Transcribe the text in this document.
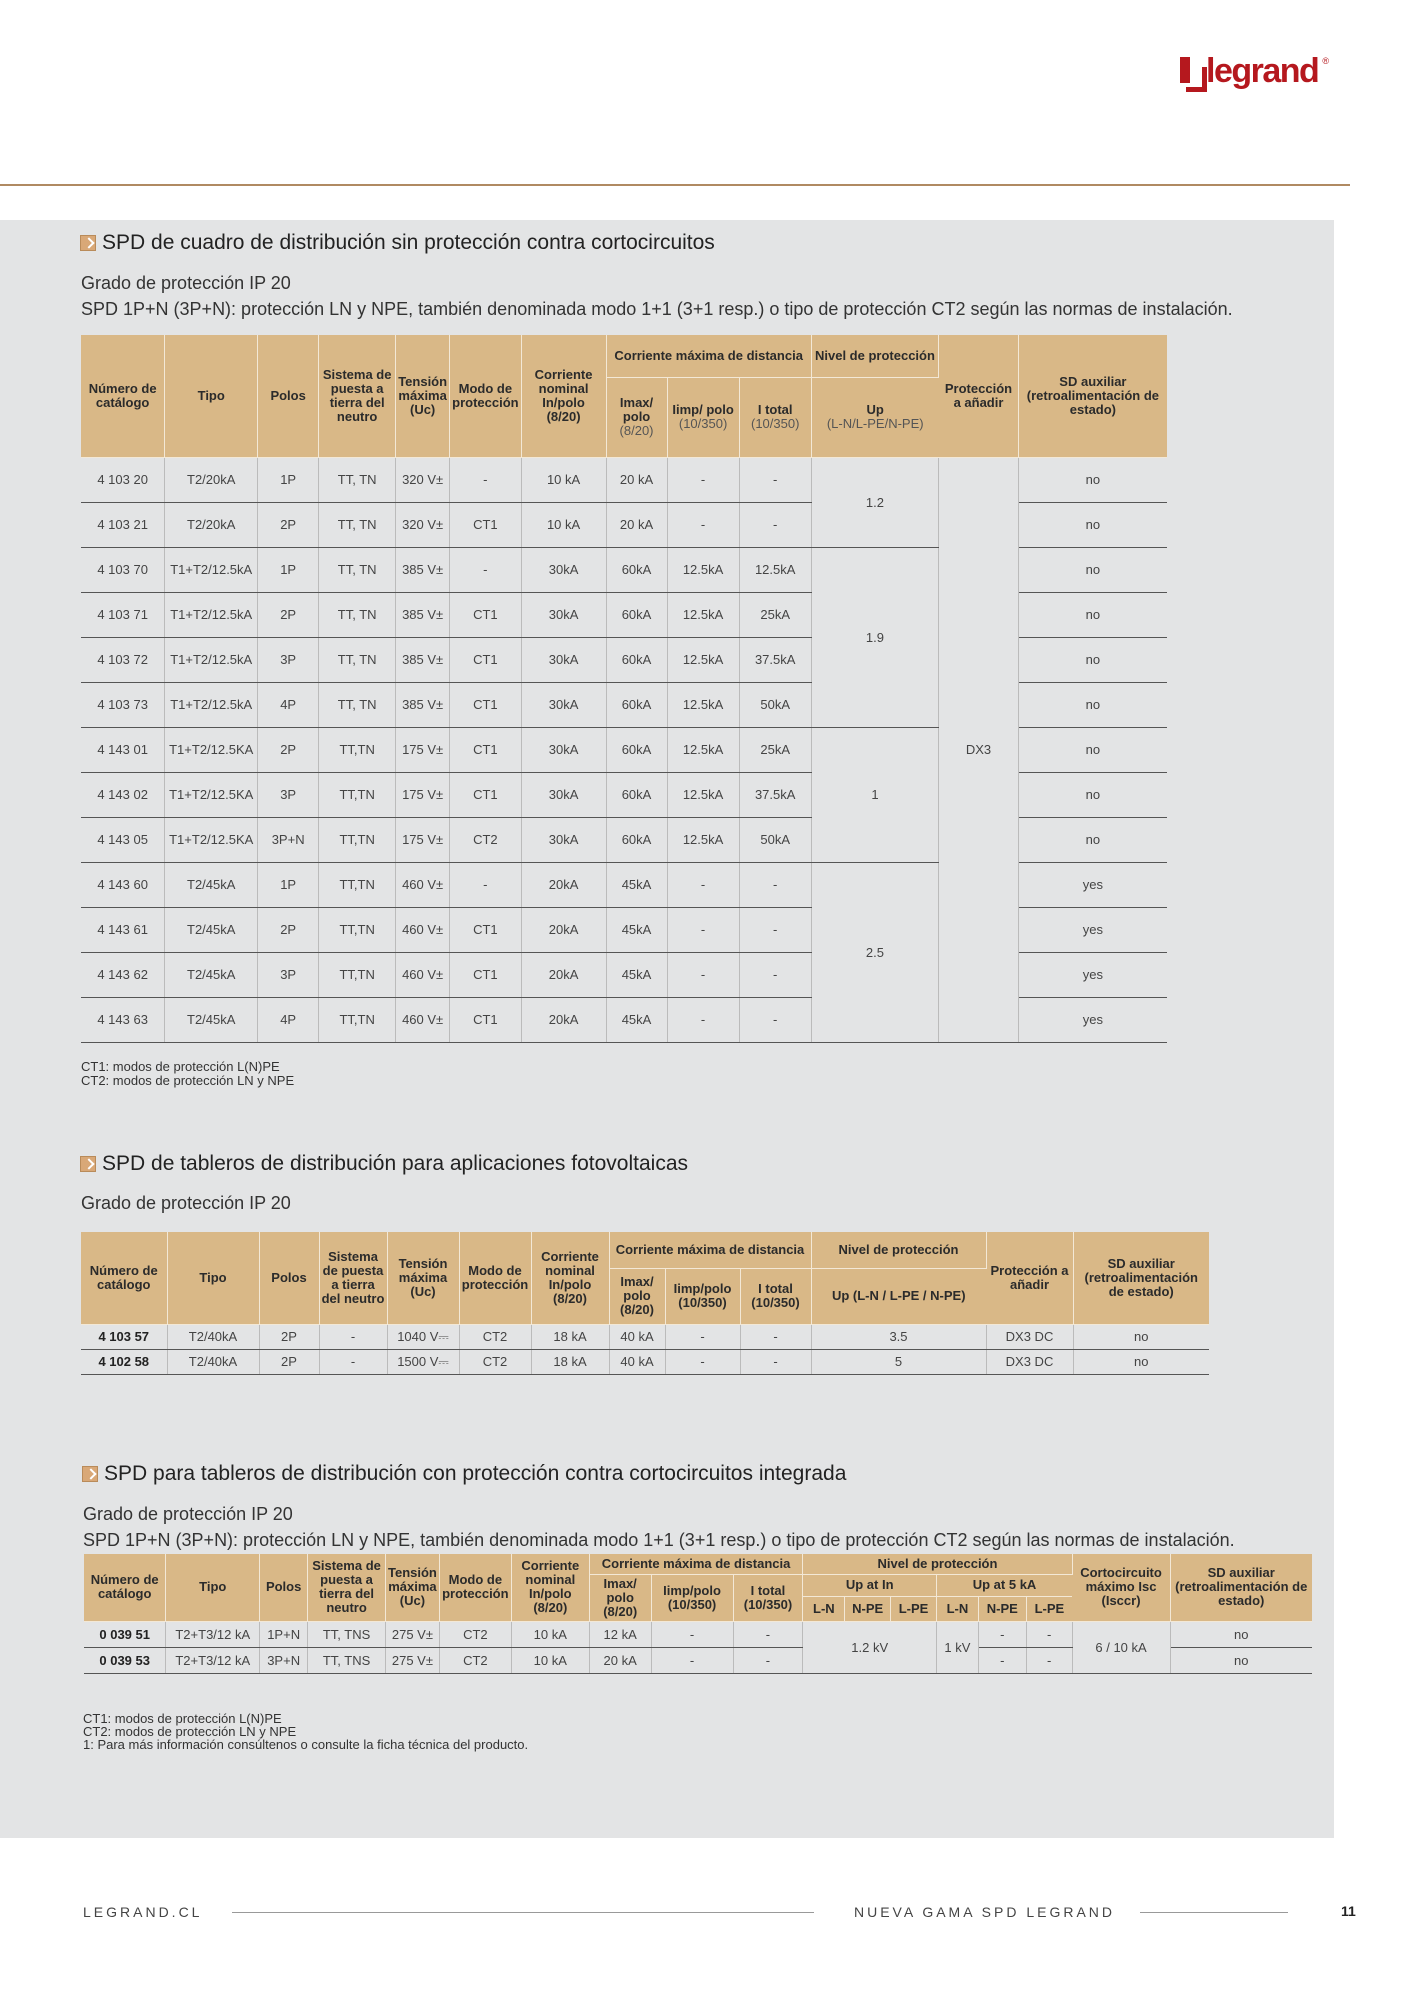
legrand ®
SPD de cuadro de distribución sin protección contra cortocircuitos
Grado de protección IP 20
SPD 1P+N (3P+N): protección LN y NPE, también denominada modo 1+1 (3+1 resp.) o tipo de protección CT2 según las normas de instalación.
Número de catálogo	Tipo	Polos	Sistema de puesta a tierra del neutro	Tensión máxima (Uc)	Modo de protección	Corriente nominal In/polo (8/20)	Corriente máxima de distancia			Nivel de protección	Protección a añadir	SD auxiliar (retroalimentación de estado)
							Imax/ polo
(8/20)	Iimp/ polo
(10/350)	I total
(10/350)	Up
(L-N/L-PE/N-PE)		

4 103 20	T2/20kA	1P	TT, TN	320 V±	-	10 kA	20 kA	-	-	1.2	DX3	no
4 103 21	T2/20kA	2P	TT, TN	320 V±	CT1	10 kA	20 kA	-	-			no
4 103 70	T1+T2/12.5kA	1P	TT, TN	385 V±	-	30kA	60kA	12.5kA	12.5kA	1.9		no
4 103 71	T1+T2/12.5kA	2P	TT, TN	385 V±	CT1	30kA	60kA	12.5kA	25kA			no
4 103 72	T1+T2/12.5kA	3P	TT, TN	385 V±	CT1	30kA	60kA	12.5kA	37.5kA			no
4 103 73	T1+T2/12.5kA	4P	TT, TN	385 V±	CT1	30kA	60kA	12.5kA	50kA			no
4 143 01	T1+T2/12.5KA	2P	TT,TN	175 V±	CT1	30kA	60kA	12.5kA	25kA	1		no
4 143 02	T1+T2/12.5KA	3P	TT,TN	175 V±	CT1	30kA	60kA	12.5kA	37.5kA			no
4 143 05	T1+T2/12.5KA	3P+N	TT,TN	175 V±	CT2	30kA	60kA	12.5kA	50kA			no
4 143 60	T2/45kA	1P	TT,TN	460 V±	-	20kA	45kA	-	-	2.5		yes
4 143 61	T2/45kA	2P	TT,TN	460 V±	CT1	20kA	45kA	-	-			yes
4 143 62	T2/45kA	3P	TT,TN	460 V±	CT1	20kA	45kA	-	-			yes
4 143 63	T2/45kA	4P	TT,TN	460 V±	CT1	20kA	45kA	-	-			yes
CT1: modos de protección L(N)PE
CT2: modos de protección LN y NPE
SPD de tableros de distribución para aplicaciones fotovoltaicas
Grado de protección IP 20
Número de catálogo	Tipo	Polos	Sistema de puesta a tierra del neutro	Tensión máxima (Uc)	Modo de protección	Corriente nominal In/polo (8/20)	Corriente máxima de distancia			Nivel de protección	Protección a añadir	SD auxiliar (retroalimentación de estado)
							Imax/ polo (8/20)	Iimp/polo (10/350)	I total (10/350)	Up (L-N / L-PE / N-PE)		
4 103 57	T2/40kA	2P	-	1040 V⎓	CT2	18 kA	40 kA	-	-	3.5	DX3 DC	no
4 102 58	T2/40kA	2P	-	1500 V⎓	CT2	18 kA	40 kA	-	-	5	DX3 DC	no
SPD para tableros de distribución con protección contra cortocircuitos integrada
Grado de protección IP 20
SPD 1P+N (3P+N): protección LN y NPE, también denominada modo 1+1 (3+1 resp.) o tipo de protección CT2 según las normas de instalación.
Número de catálogo	Tipo	Polos	Sistema de puesta a tierra del neutro	Tensión máxima (Uc)	Modo de protección	Corriente nominal In/polo (8/20)	Corriente máxima de distancia			Nivel de protección						Cortocircuito máximo Isc (Isccr)	SD auxiliar (retroalimentación de estado)
							Imax/ polo (8/20)	Iimp/polo (10/350)	I total (10/350)	Up at In			Up at 5 kA				
										L-N	N-PE	L-PE	L-N	N-PE	L-PE		
0 039 51	T2+T3/12 kA	1P+N	TT, TNS	275 V±	CT2	10 kA	12 kA	-	-	1.2 kV			1 kV	-	-	6 / 10 kA	no
0 039 53	T2+T3/12 kA	3P+N	TT, TNS	275 V±	CT2	10 kA	20 kA	-	-					-	-		no
CT1: modos de protección L(N)PE
CT2: modos de protección LN y NPE
1: Para más información consúltenos o consulte la ficha técnica del producto.
LEGRAND.CL	NUEVA GAMA SPD LEGRAND	11
